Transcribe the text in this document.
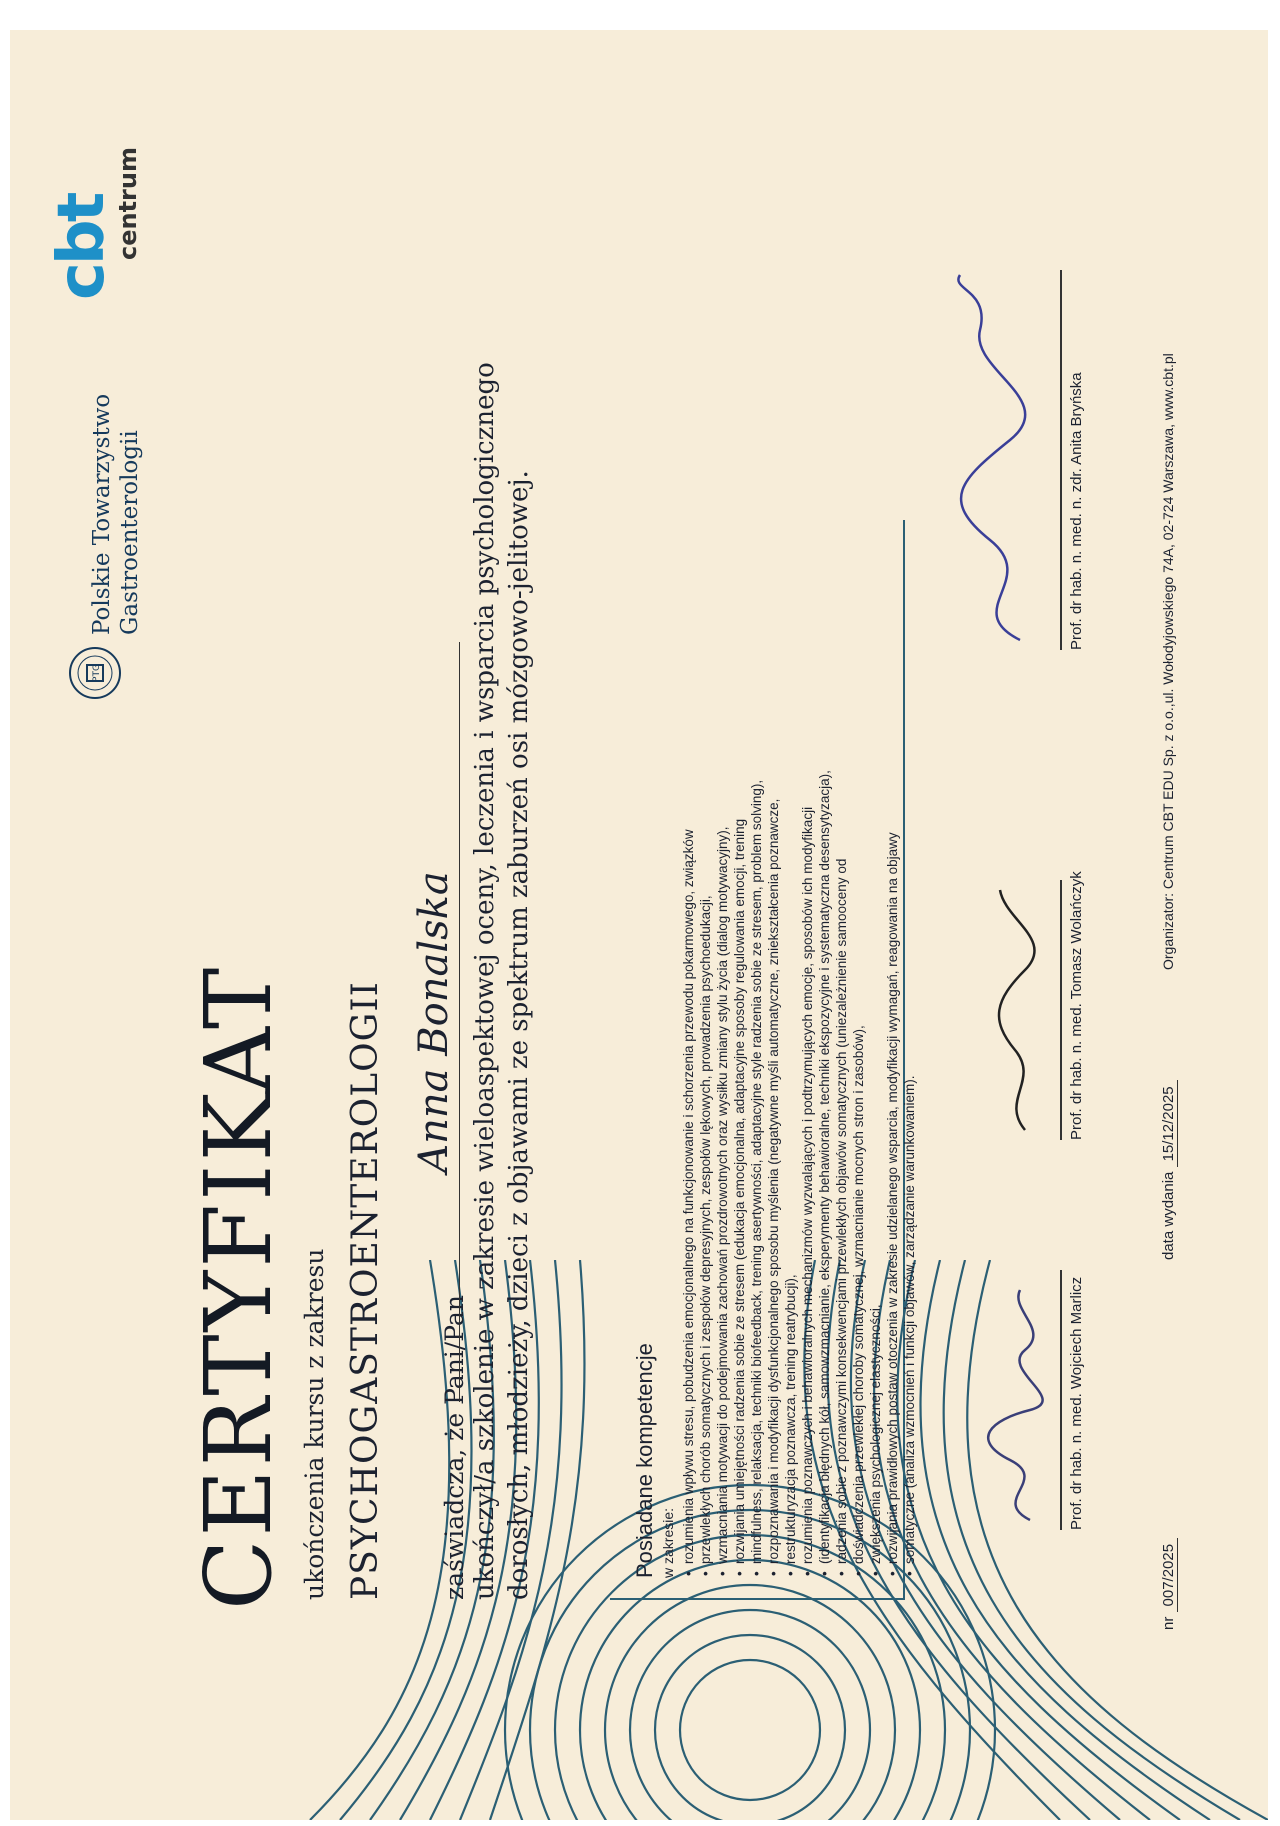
CERTYFIKAT ukończenia kursu z zakresu PSYCHOGASTROENTEROLOGII zaświadcza, że Pani/Pan
Anna Bonalska ukończył/a szkolenie w zakresie wieloaspektowej oceny, leczenia i wsparcia psychologicznego dorosłych, młodzieży, dzieci z objawami ze spektrum zaburzeń osi mózgowo-jelitowej.	Posiadane kompetencje w zakresie: • rozumienia wpływu stresu, pobudzenia emocjonalnego na funkcjonowanie i schorzenia przewodu pokarmowego, związków • przewlekłych chorób somatycznych i zespołów depresyjnych, zespołów lękowych, prowadzenia psychoedukacji, • wzmacniania motywacji do podejmowania zachowań prozdrowotnych oraz wysiłku zmiany stylu życia (dialog motywacyjny), • rozwijania umiejętności radzenia sobie ze stresem (edukacja emocjonalna, adaptacyjne sposoby regulowania emocji, trening • mindfulness, relaksacja, techniki biofeedback, trening asertywności, adaptacyjne style radzenia sobie ze stresem, problem solving), • rozpoznawania i modyfikacji dysfunkcjonalnego sposobu myślenia (negatywne myśli automatyczne, zniekształcenia poznawcze, • restrukturyzacja poznawcza, trening reatrybucji), • rozumienia poznawczych i behawioralnych mechanizmów wyzwalających i podtrzymujących emocje, sposobów ich modyfikacji • (identyfikacja błędnych kół, samowzmacnianie, eksperymenty behawioralne, techniki ekspozycyjne i systematyczna desensytyzacja), • radzenia sobie z poznawczymi konsekwencjami przewlekłych objawów somatycznych (uniezależnienie samooceny od • doświadczenia przewlekłej choroby somatycznej, wzmacnianie mocnych stron i zasobów), • zwiększenia psychologicznej elastyczności, • rozwijania prawidłowych postaw otoczenia w zakresie udzielanego wsparcia, modyfikacji wymagań, reagowania na objawy • somatyczne (analiza wzmocnień i funkcji objawów, zarządzanie warunkowaniem).	Prof. dr hab. n. med. Wojciech Marlicz
Prof. dr hab. n. med. Tomasz Wolańczyk
Prof. dr hab. n. med. n. zdr. Anita Bryńska
nr 007/2025
data wydania 15/12/2025
Organizator: Centrum CBT EDU Sp. z o.o.,ul. Wołodyjowskiego 74A, 02-724 Warszawa, www.cbt.pl
PTG
Polskie Towarzystwo Gastroenterologii
cbt
centrum
